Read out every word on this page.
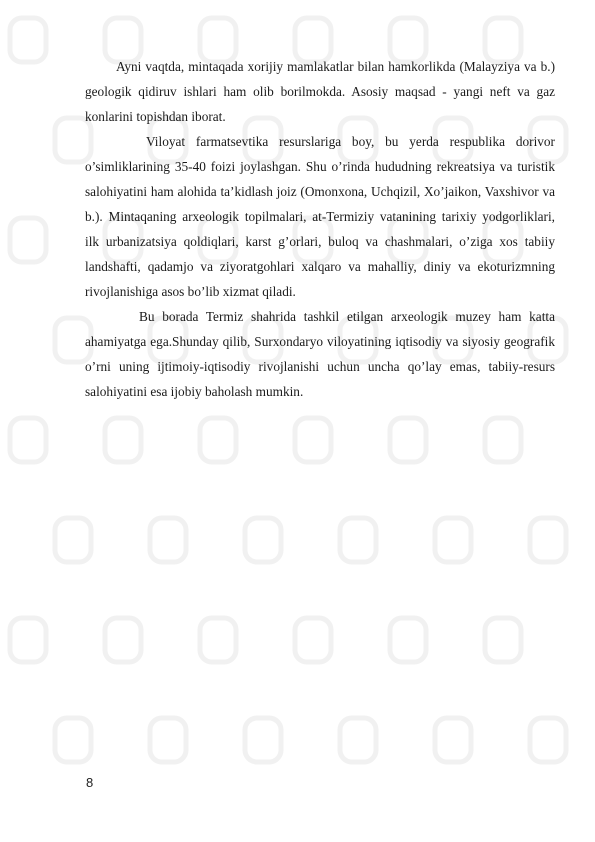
Ayni vaqtda, mintaqada xorijiy mamlakatlar bilan hamkorlikda (Malayziya va b.) geologik qidiruv ishlari ham olib borilmokda. Asosiy maqsad - yangi neft va gaz konlarini topishdan iborat.

Viloyat farmatsevtika resurslariga boy, bu yerda respublika dorivor o’simliklarining 35-40 foizi joylashgan. Shu o’rinda hududning rekreatsiya va turistik salohiyatini ham alohida ta’kidlash joiz (Omonxona, Uchqizil, Xo’jaikon, Vaxshivor va b.). Mintaqaning arxeologik topilmalari, at-Termiziy vatanining tarixiy yodgorliklari, ilk urbanizatsiya qoldiqlari, karst g’orlari, buloq va chashmalari, o’ziga xos tabiiy landshafti, qadamjo va ziyoratgohlari xalqaro va mahalliy, diniy va ekoturizmning rivojlanishiga asos bo’lib xizmat qiladi.

Bu borada Termiz shahrida tashkil etilgan arxeologik muzey ham katta ahamiyatga ega.Shunday qilib, Surxondaryo viloyatining iqtisodiy va siyosiy geografik o’rni uning ijtimoiy-iqtisodiy rivojlanishi uchun uncha qo’lay emas, tabiiy-resurs salohiyatini esa ijobiy baholash mumkin.

8
